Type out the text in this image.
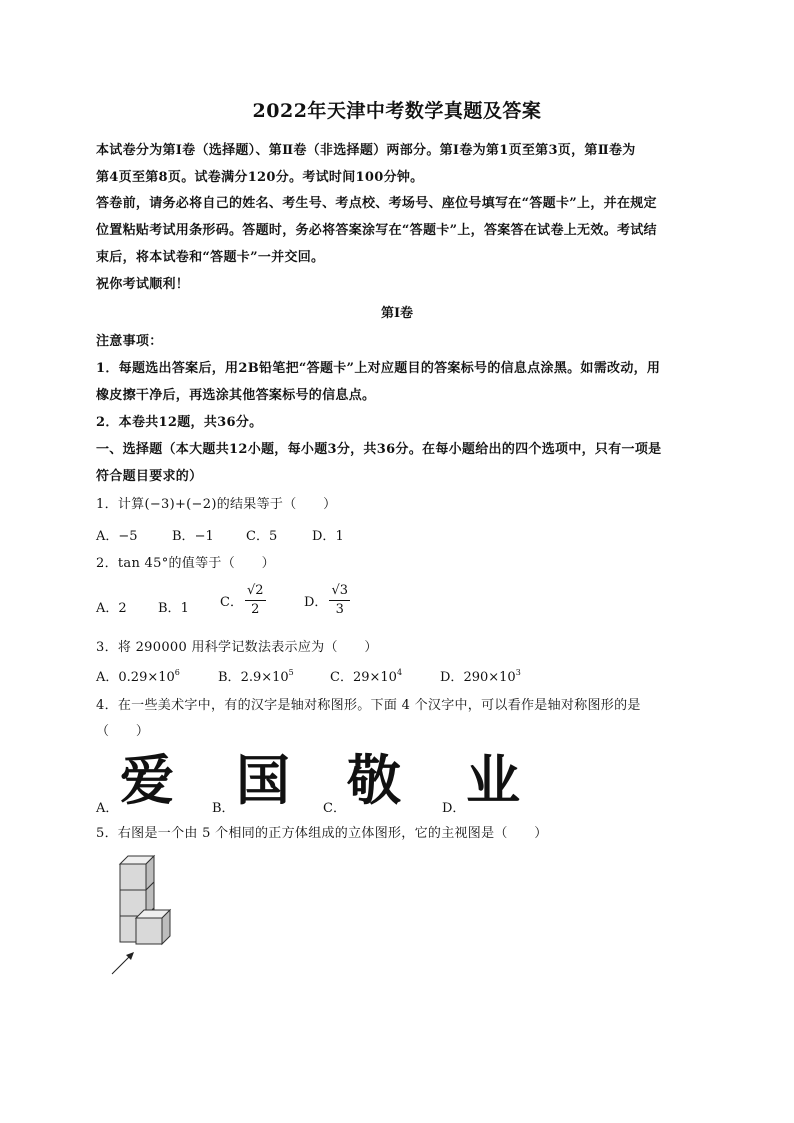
2022年天津中考数学真题及答案
本试卷分为第Ⅰ卷（选择题）、第Ⅱ卷（非选择题）两部分。第Ⅰ卷为第1页至第3页，第Ⅱ卷为
第4页至第8页。试卷满分120分。考试时间100分钟。
答卷前，请务必将自己的姓名、考生号、考点校、考场号、座位号填写在“答题卡”上，并在规定
位置粘贴考试用条形码。答题时，务必将答案涂写在“答题卡”上，答案答在试卷上无效。考试结
束后，将本试卷和“答题卡”一并交回。
祝你考试顺利！
第Ⅰ卷
注意事项：
1．每题选出答案后，用2B铅笔把“答题卡”上对应题目的答案标号的信息点涂黑。如需改动，用
橡皮擦干净后，再选涂其他答案标号的信息点。
2．本卷共12题，共36分。
一、选择题（本大题共12小题，每小题3分，共36分。在每小题给出的四个选项中，只有一项是
符合题目要求的）
1．计算(−3)+(−2)的结果等于（　　）
A．−5	B．−1 C．5	D．1
2．tan 45°的值等于（　　）
A．2 B．1 C． $\frac{√2}{2}$	D． $\frac{√3}{3}$
3．将 290000 用科学记数法表示应为（　　）
A．$0.29\times 10^6$	B．$2.9\times 10^5$	C．$29\times 10^4$	D．$290\times 10^3$
4．在一些美术字中，有的汉字是轴对称图形。下面 4 个汉字中，可以看作是轴对称图形的是
（　　）
A． 爱	B． 国	C． 敬	D． 业
5．右图是一个由 5 个相同的正方体组成的立体图形，它的主视图是（　　）
